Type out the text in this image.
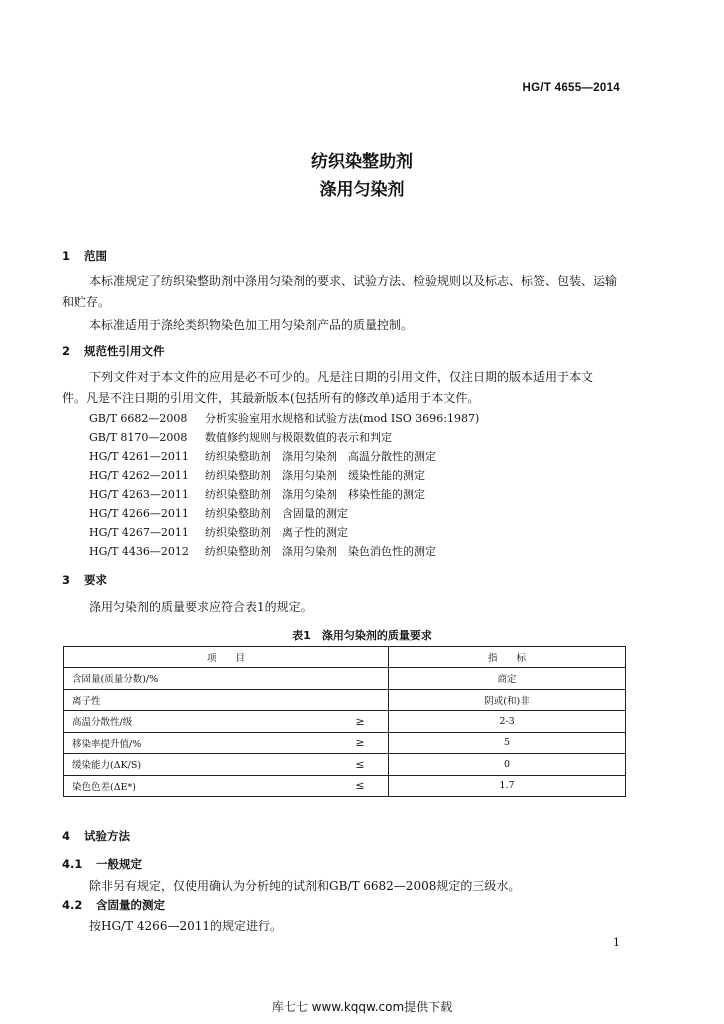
HG/T 4655—2014
纺织染整助剂
涤用匀染剂
1 范围
本标准规定了纺织染整助剂中涤用匀染剂的要求、试验方法、检验规则以及标志、标签、包装、运输
和贮存。
本标准适用于涤纶类织物染色加工用匀染剂产品的质量控制。
2 规范性引用文件
下列文件对于本文件的应用是必不可少的。凡是注日期的引用文件，仅注日期的版本适用于本文
件。凡是不注日期的引用文件，其最新版本(包括所有的修改单)适用于本文件。
GB/T 6682—2008 分析实验室用水规格和试验方法(mod ISO 3696:1987)
GB/T 8170—2008 数值修约规则与极限数值的表示和判定
HG/T 4261—2011 纺织染整助剂　涤用匀染剂　高温分散性的测定
HG/T 4262—2011 纺织染整助剂　涤用匀染剂　缓染性能的测定
HG/T 4263—2011 纺织染整助剂　涤用匀染剂　移染性能的测定
HG/T 4266—2011 纺织染整助剂　含固量的测定
HG/T 4267—2011 纺织染整助剂　离子性的测定
HG/T 4436—2012 纺织染整助剂　涤用匀染剂　染色消色性的测定
3 要求
涤用匀染剂的质量要求应符合表1的规定。
表1　涤用匀染剂的质量要求
项　　目		指　　标
含固量(质量分数)/%		商定
离子性		阴或(和)非
高温分散性/级	≥	2-3
移染率提升值/%	≥	5
缓染能力(ΔK/S)	≤	0
染色色差(ΔE*)	≤	1.7
4 试验方法
4.1 一般规定
除非另有规定，仅使用确认为分析纯的试剂和GB/T 6682—2008规定的三级水。
4.2 含固量的测定
按HG/T 4266—2011的规定进行。
1
库七七 www.kqqw.com提供下载
